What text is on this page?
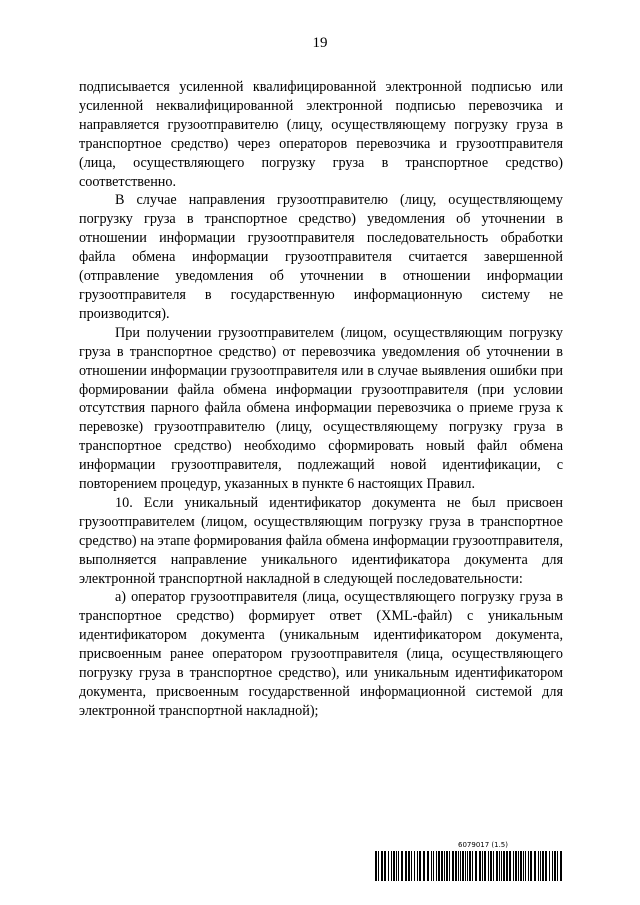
19

подписывается усиленной квалифицированной электронной подписью или усиленной неквалифицированной электронной подписью перевозчика и направляется грузоотправителю (лицу, осуществляющему погрузку груза в транспортное средство) через операторов перевозчика и грузоотправителя (лица, осуществляющего погрузку груза в транспортное средство) соответственно.

В случае направления грузоотправителю (лицу, осуществляющему погрузку груза в транспортное средство) уведомления об уточнении в отношении информации грузоотправителя последовательность обработки файла обмена информации грузоотправителя считается завершенной (отправление уведомления об уточнении в отношении информации грузоотправителя в государственную информационную систему не производится).

При получении грузоотправителем (лицом, осуществляющим погрузку груза в транспортное средство) от перевозчика уведомления об уточнении в отношении информации грузоотправителя или в случае выявления ошибки при формировании файла обмена информации грузоотправителя (при условии отсутствия парного файла обмена информации перевозчика о приеме груза к перевозке) грузоотправителю (лицу, осуществляющему погрузку груза в транспортное средство) необходимо сформировать новый файл обмена информации грузоотправителя, подлежащий новой идентификации, с повторением процедур, указанных в пункте 6 настоящих Правил.

10. Если уникальный идентификатор документа не был присвоен грузоотправителем (лицом, осуществляющим погрузку груза в транспортное средство) на этапе формирования файла обмена информации грузоотправителя, выполняется направление уникального идентификатора документа для электронной транспортной накладной в следующей последовательности:

а) оператор грузоотправителя (лица, осуществляющего погрузку груза в транспортное средство) формирует ответ (XML-файл) с уникальным идентификатором документа (уникальным идентификатором документа, присвоенным ранее оператором грузоотправителя (лица, осуществляющего погрузку груза в транспортное средство), или уникальным идентификатором документа, присвоенным государственной информационной системой для электронной транспортной накладной);

6079017 (1.5)
